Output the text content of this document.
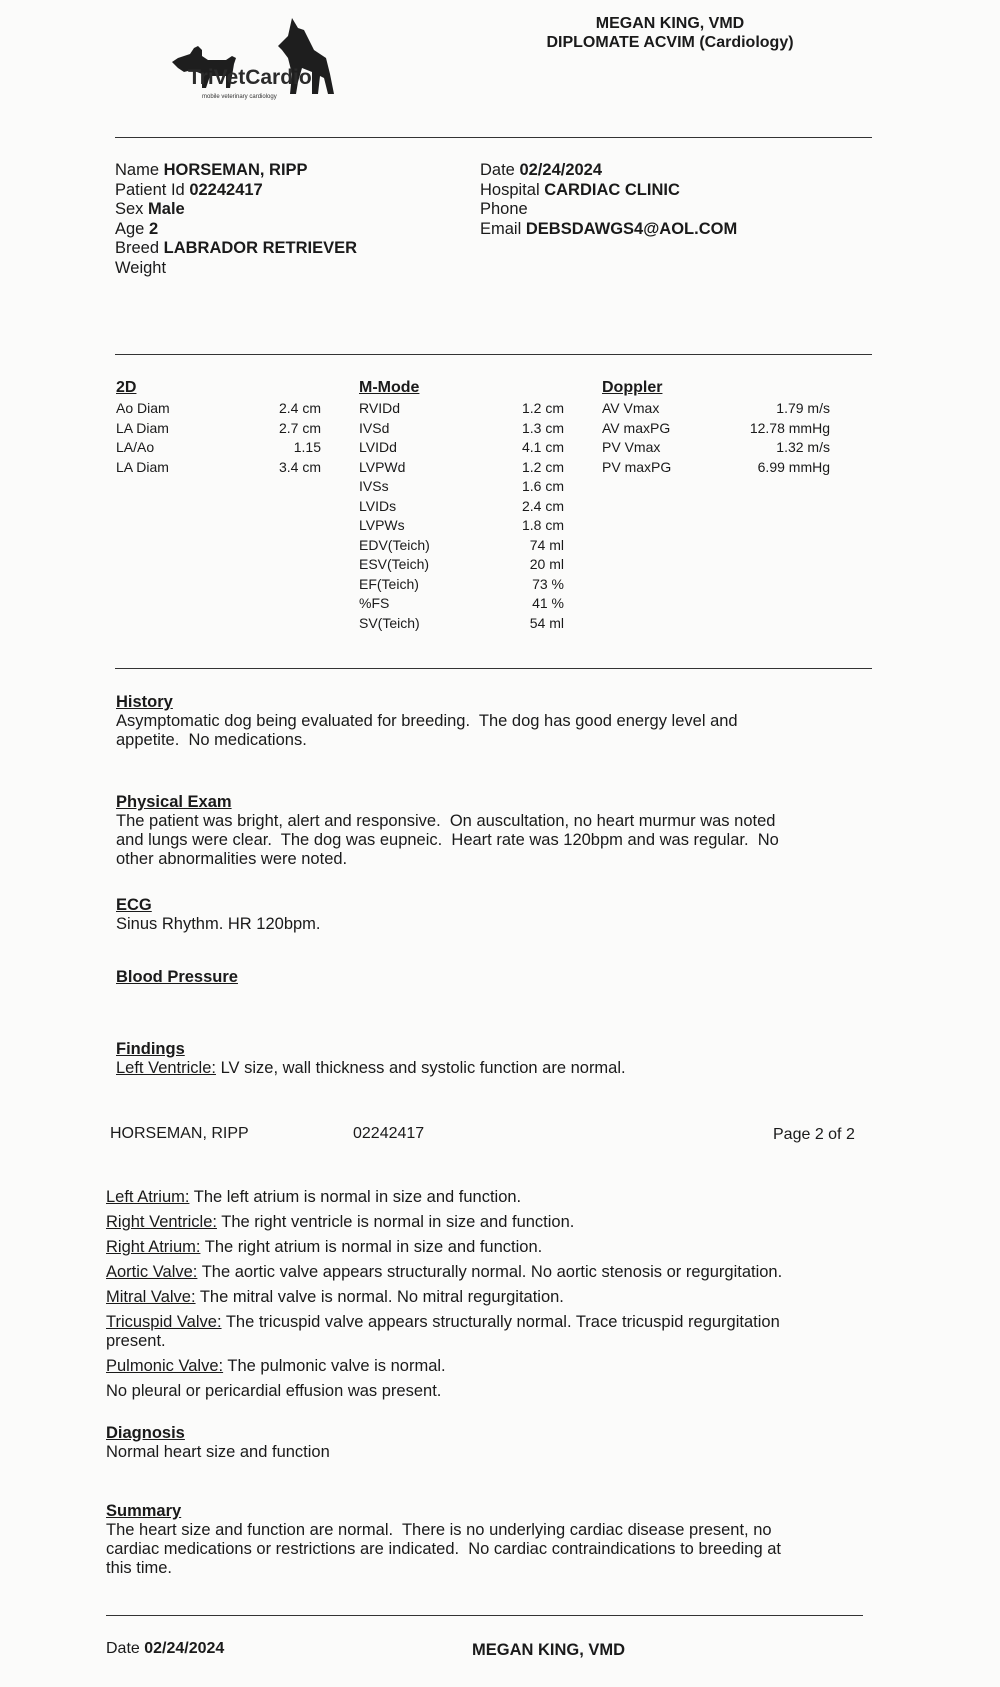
TriVetCardio
mobile veterinary cardiology
MEGAN KING, VMD
DIPLOMATE ACVIM (Cardiology)
Name HORSEMAN, RIPP
Patient Id 02242417
Sex Male
Age 2
Breed LABRADOR RETRIEVER
Weight
Date 02/24/2024
Hospital CARDIAC CLINIC
Phone
Email DEBSDAWGS4@AOL.COM
2D
Ao Diam	2.4 cm
LA Diam	2.7 cm
LA/Ao	1.15
LA Diam	3.4 cm
M-Mode
RVIDd	1.2 cm
IVSd	1.3 cm
LVIDd	4.1 cm
LVPWd	1.2 cm
IVSs	1.6 cm
LVIDs	2.4 cm
LVPWs	1.8 cm
EDV(Teich)	74 ml
ESV(Teich)	20 ml
EF(Teich)	73 %
%FS	41 %
SV(Teich)	54 ml
Doppler
AV Vmax	1.79 m/s
AV maxPG	12.78 mmHg
PV Vmax	1.32 m/s
PV maxPG	6.99 mmHg
History
Asymptomatic dog being evaluated for breeding.  The dog has good energy level and
appetite.  No medications.
Physical Exam
The patient was bright, alert and responsive.  On auscultation, no heart murmur was noted
and lungs were clear.  The dog was eupneic.  Heart rate was 120bpm and was regular.  No
other abnormalities were noted.
ECG
Sinus Rhythm. HR 120bpm.
Blood Pressure
Findings
Left Ventricle: LV size, wall thickness and systolic function are normal.
HORSEMAN, RIPP	02242417	Page 2 of 2
Left Atrium: The left atrium is normal in size and function.
Right Ventricle: The right ventricle is normal in size and function.
Right Atrium: The right atrium is normal in size and function.
Aortic Valve: The aortic valve appears structurally normal. No aortic stenosis or regurgitation.
Mitral Valve: The mitral valve is normal. No mitral regurgitation.
Tricuspid Valve: The tricuspid valve appears structurally normal. Trace tricuspid regurgitation
present.
Pulmonic Valve: The pulmonic valve is normal.
No pleural or pericardial effusion was present.
Diagnosis
Normal heart size and function
Summary
The heart size and function are normal.  There is no underlying cardiac disease present, no
cardiac medications or restrictions are indicated.  No cardiac contraindications to breeding at
this time.
Date 02/24/2024	MEGAN KING, VMD
